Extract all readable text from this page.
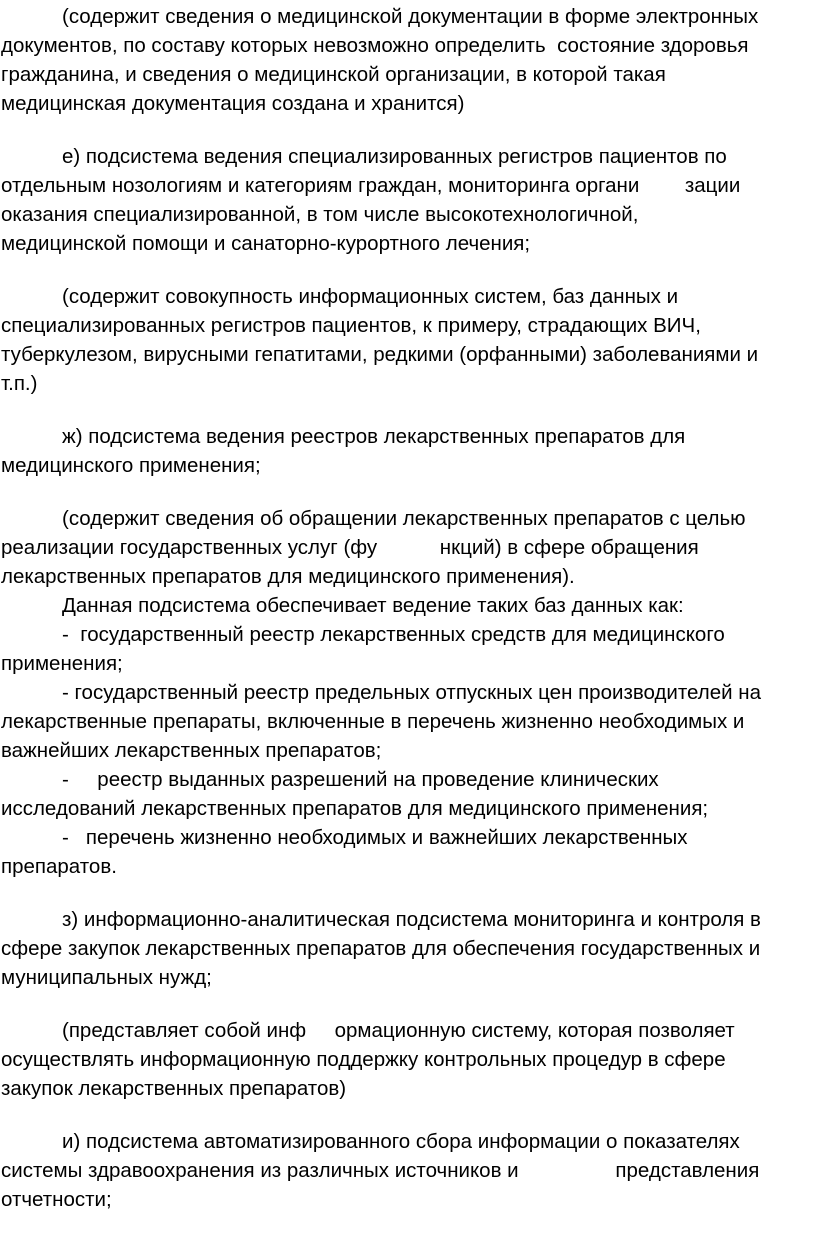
(содержит сведения о медицинской документации в форме электронных
документов, по составу которых невозможно определить  состояние здоровья
гражданина, и сведения о медицинской организации, в которой такая
медицинская документация создана и хранится)
е) подсистема ведения специализированных регистров пациентов по
отдельным нозологиям и категориям граждан, мониторинга органи        зации
оказания специализированной, в том числе высокотехнологичной,
медицинской помощи и санаторно-курортного лечения;
(содержит совокупность информационных систем, баз данных и
специализированных регистров пациентов, к примеру, страдающих ВИЧ,
туберкулезом, вирусными гепатитами, редкими (орфанными) заболеваниями и
т.п.)
ж) подсистема ведения реестров лекарственных препаратов для
медицинского применения;
(содержит сведения об обращении лекарственных препаратов с целью
реализации государственных услуг (фу           нкций) в сфере обращения
лекарственных препаратов для медицинского применения).
Данная подсистема обеспечивает ведение таких баз данных как:
-  государственный реестр лекарственных средств для медицинского
применения;
- государственный реестр предельных отпускных цен производителей на
лекарственные препараты, включенные в перечень жизненно необходимых и
важнейших лекарственных препаратов;
-     реестр выданных разрешений на проведение клинических
исследований лекарственных препаратов для медицинского применения;
-   перечень жизненно необходимых и важнейших лекарственных
препаратов.
з) информационно-аналитическая подсистема мониторинга и контроля в
сфере закупок лекарственных препаратов для обеспечения государственных и
муниципальных нужд;
(представляет собой инф     ормационную систему, которая позволяет
осуществлять информационную поддержку контрольных процедур в сфере
закупок лекарственных препаратов)
и) подсистема автоматизированного сбора информации о показателях
системы здравоохранения из различных источников и                 представления
отчетности;
